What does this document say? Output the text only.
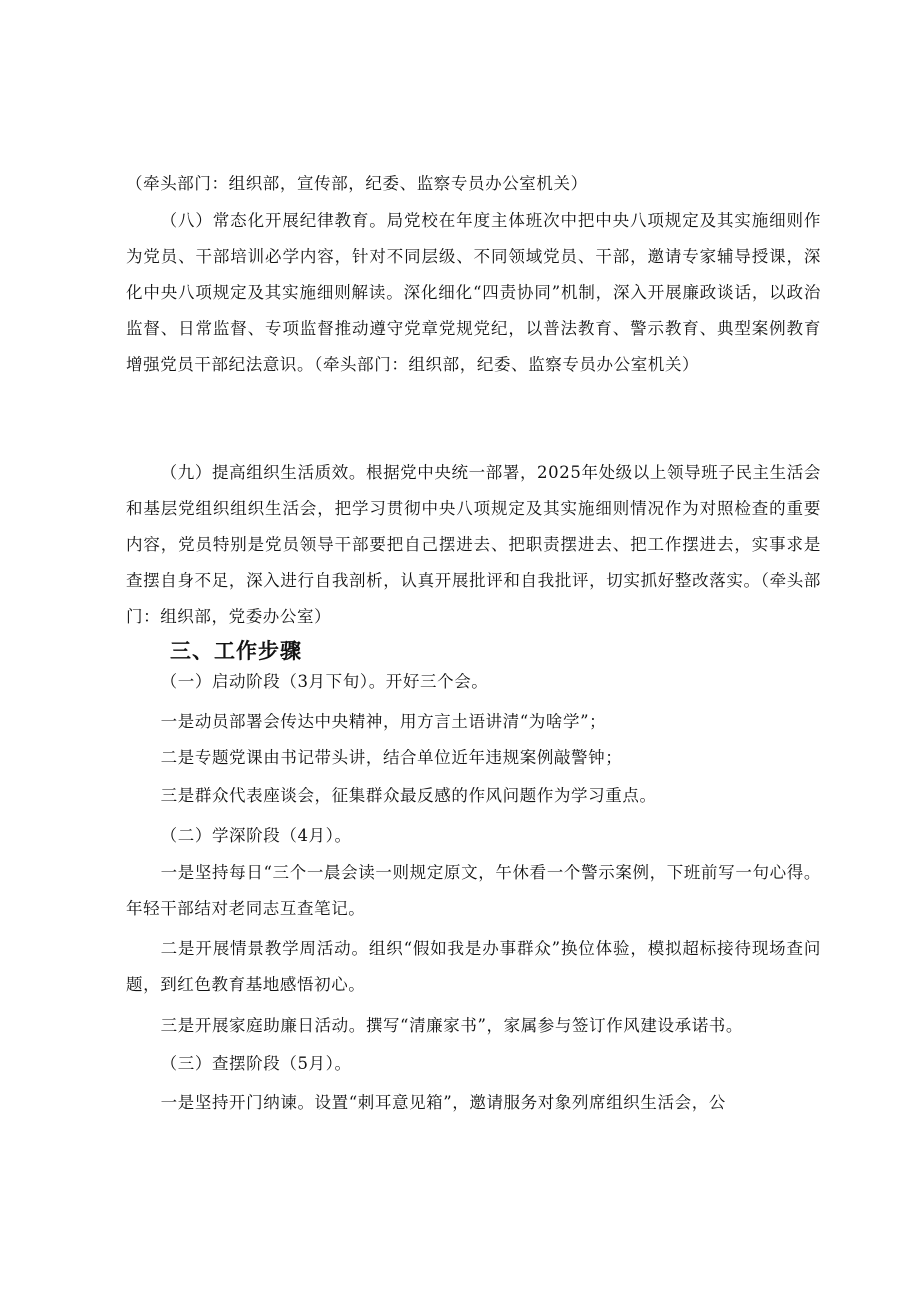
（牵头部门：组织部，宣传部，纪委、监察专员办公室机关）

（八）常态化开展纪律教育。局党校在年度主体班次中把中央八项规定及其实施细则作为党员、干部培训必学内容，针对不同层级、不同领域党员、干部，邀请专家辅导授课，深化中央八项规定及其实施细则解读。深化细化“四责协同”机制，深入开展廉政谈话，以政治监督、日常监督、专项监督推动遵守党章党规党纪，以普法教育、警示教育、典型案例教育增强党员干部纪法意识。（牵头部门：组织部，纪委、监察专员办公室机关）

（九）提高组织生活质效。根据党中央统一部署，2025年处级以上领导班子民主生活会和基层党组织组织生活会，把学习贯彻中央八项规定及其实施细则情况作为对照检查的重要内容，党员特别是党员领导干部要把自己摆进去、把职责摆进去、把工作摆进去，实事求是查摆自身不足，深入进行自我剖析，认真开展批评和自我批评，切实抓好整改落实。（牵头部门：组织部，党委办公室）

三、工作步骤

（一）启动阶段（3月下旬）。开好三个会。

一是动员部署会传达中央精神，用方言土语讲清“为啥学”；

二是专题党课由书记带头讲，结合单位近年违规案例敲警钟；

三是群众代表座谈会，征集群众最反感的作风问题作为学习重点。

（二）学深阶段（4月）。

一是坚持每日“三个一晨会读一则规定原文，午休看一个警示案例，下班前写一句心得。年轻干部结对老同志互查笔记。

二是开展情景教学周活动。组织“假如我是办事群众”换位体验，模拟超标接待现场查问题，到红色教育基地感悟初心。

三是开展家庭助廉日活动。撰写“清廉家书”，家属参与签订作风建设承诺书。

（三）查摆阶段（5月）。

一是坚持开门纳谏。设置“刺耳意见箱”，邀请服务对象列席组织生活会，公
